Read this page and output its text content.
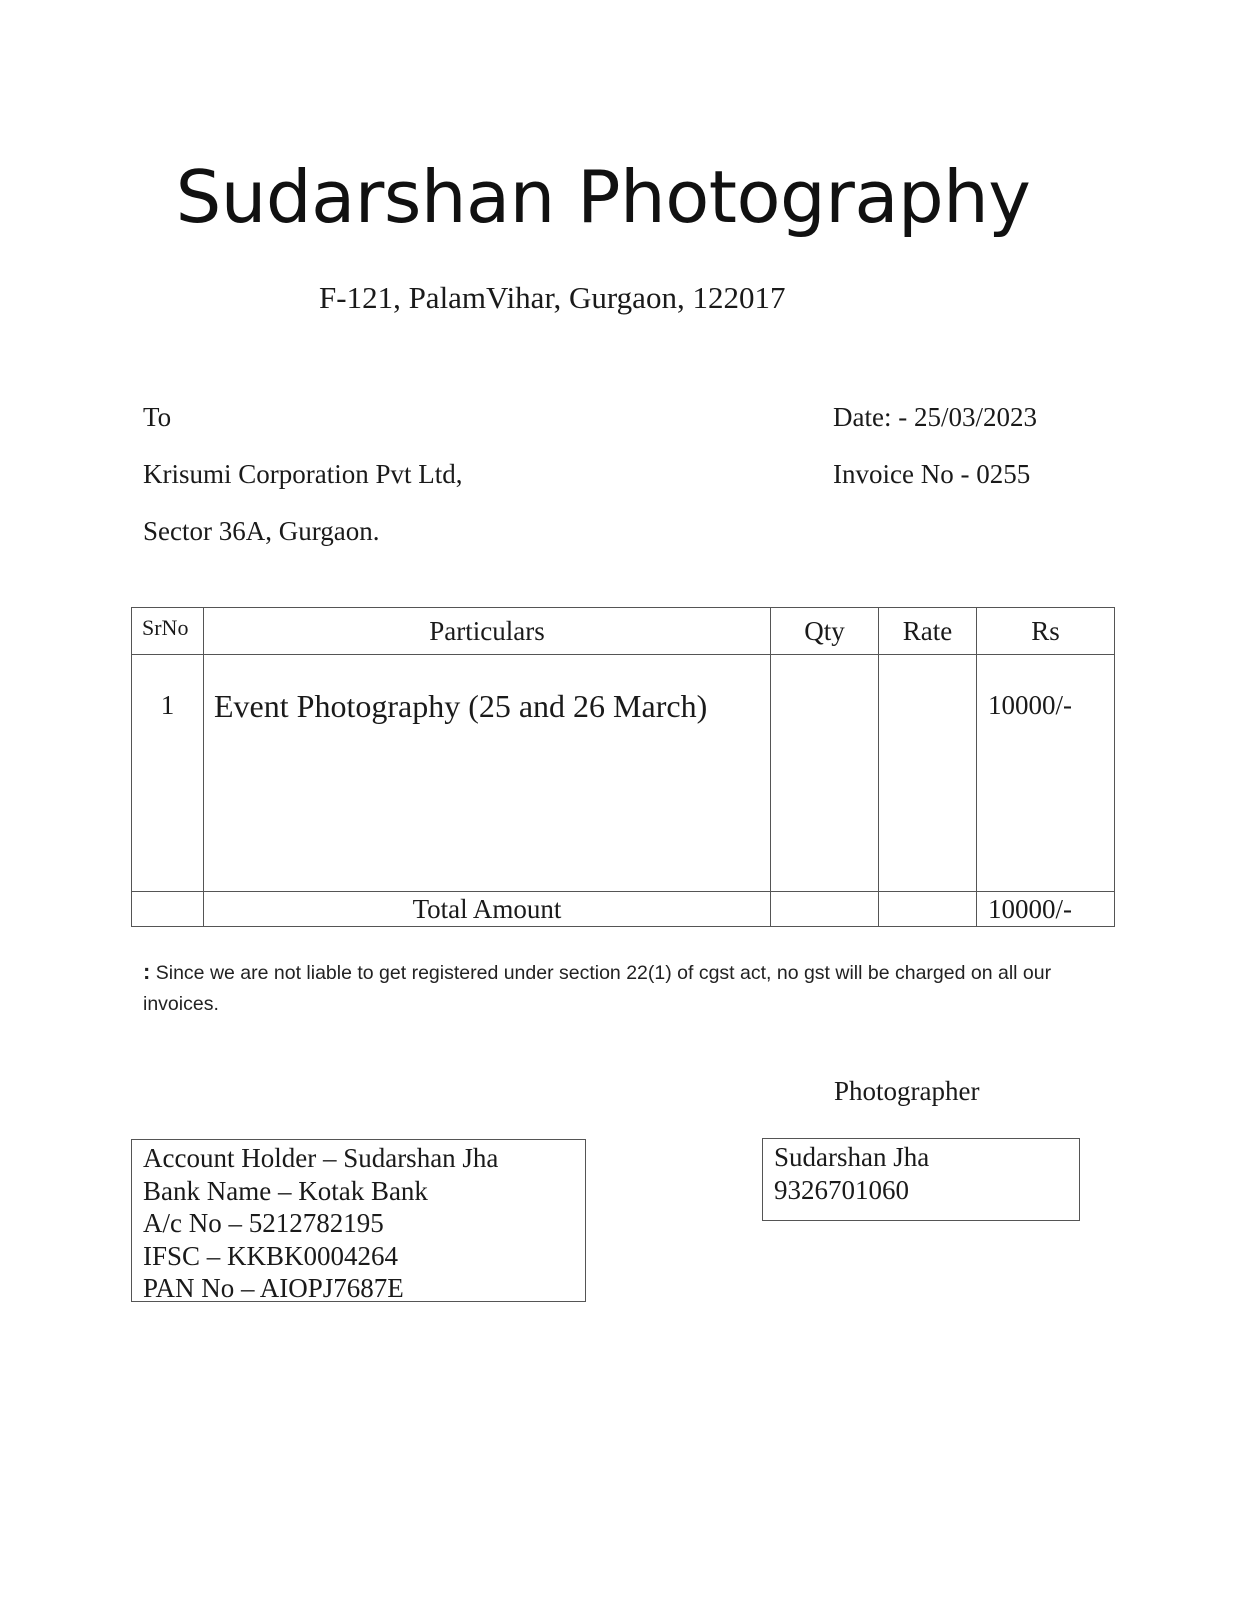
Sudarshan Photography
F-121, PalamVihar, Gurgaon, 122017
To
Krisumi Corporation Pvt Ltd,
Sector 36A, Gurgaon.
Date: - 25/03/2023
Invoice No - 0255
SrNo	Particulars	Qty	Rate	Rs
1	Event Photography (25 and 26 March)			10000/-
	Total Amount			10000/-
: Since we are not liable to get registered under section 22(1) of cgst act, no gst will be charged on all our invoices.
Photographer
Account Holder – Sudarshan Jha
Bank Name – Kotak Bank
A/c No – 5212782195
IFSC – KKBK0004264
PAN No – AIOPJ7687E
Sudarshan Jha
9326701060
